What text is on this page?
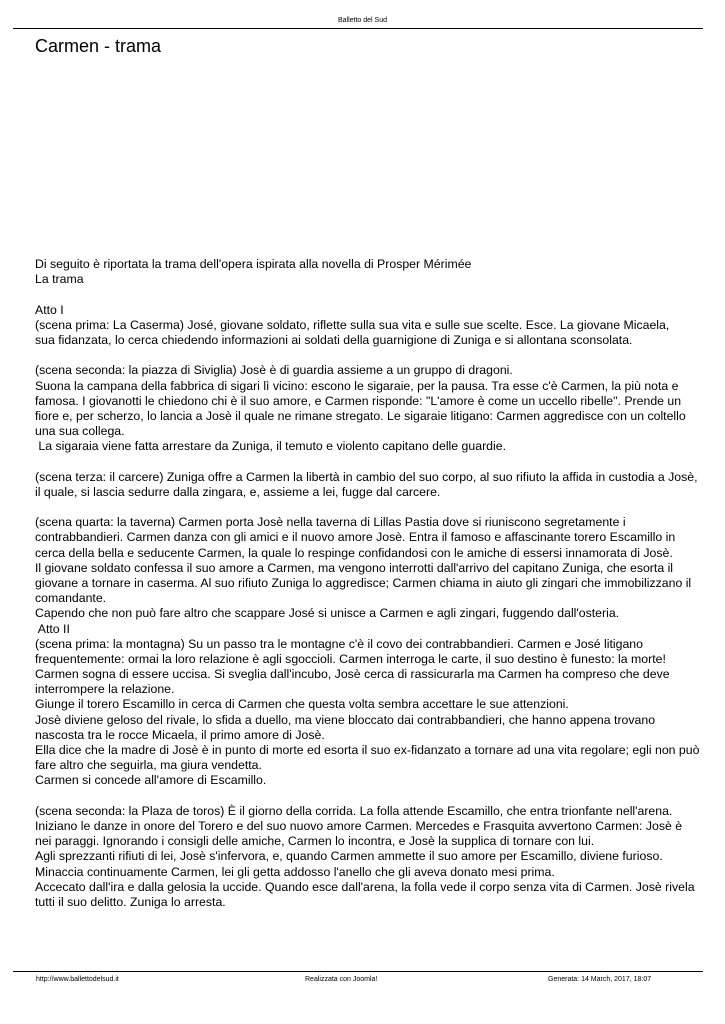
Balletto del Sud
Carmen - trama
Di seguito è riportata la trama dell'opera ispirata alla novella di Prosper Mérimée
La trama
Atto I
(scena prima: La Caserma) José, giovane soldato, riflette sulla sua vita e sulle sue scelte. Esce. La giovane Micaela,
sua fidanzata, lo cerca chiedendo informazioni ai soldati della guarnigione di Zuniga e si allontana sconsolata.
(scena seconda: la piazza di Siviglia) Josè è di guardia assieme a un gruppo di dragoni.
Suona la campana della fabbrica di sigari lì vicino: escono le sigaraie, per la pausa. Tra esse c'è Carmen, la più nota e
famosa. I giovanotti le chiedono chi è il suo amore, e Carmen risponde: "L'amore è come un uccello ribelle". Prende un
fiore e, per scherzo, lo lancia a Josè il quale ne rimane stregato. Le sigaraie litigano: Carmen aggredisce con un coltello
una sua collega.
La sigaraia viene fatta arrestare da Zuniga, il temuto e violento capitano delle guardie.
(scena terza: il carcere) Zuniga offre a Carmen la libertà in cambio del suo corpo, al suo rifiuto la affida in custodia a Josè,
il quale, si lascia sedurre dalla zingara, e, assieme a lei, fugge dal carcere.
(scena quarta: la taverna) Carmen porta Josè nella taverna di Lillas Pastia dove si riuniscono segretamente i
contrabbandieri. Carmen danza con gli amici e il nuovo amore Josè. Entra il famoso e affascinante torero Escamillo in
cerca della bella e seducente Carmen, la quale lo respinge confidandosi con le amiche di essersi innamorata di Josè.
Il giovane soldato confessa il suo amore a Carmen, ma vengono interrotti dall'arrivo del capitano Zuniga, che esorta il
giovane a tornare in caserma. Al suo rifiuto Zuniga lo aggredisce; Carmen chiama in aiuto gli zingari che immobilizzano il
comandante.
Capendo che non può fare altro che scappare José si unisce a Carmen e agli zingari, fuggendo dall'osteria.
Atto II
(scena prima: la montagna) Su un passo tra le montagne c'è il covo dei contrabbandieri. Carmen e José litigano
frequentemente: ormai la loro relazione è agli sgoccioli. Carmen interroga le carte, il suo destino è funesto: la morte!
Carmen sogna di essere uccisa. Si sveglia dall'incubo, Josè cerca di rassicurarla ma Carmen ha compreso che deve
interrompere la relazione.
Giunge il torero Escamillo in cerca di Carmen che questa volta sembra accettare le sue attenzioni.
Josè diviene geloso del rivale, lo sfida a duello, ma viene bloccato dai contrabbandieri, che hanno appena trovano
nascosta tra le rocce Micaela, il primo amore di Josè.
Ella dice che la madre di Josè è in punto di morte ed esorta il suo ex-fidanzato a tornare ad una vita regolare; egli non può
fare altro che seguirla, ma giura vendetta.
Carmen si concede all'amore di Escamillo.
(scena seconda: la Plaza de toros) È il giorno della corrida. La folla attende Escamillo, che entra trionfante nell'arena.
Iniziano le danze in onore del Torero e del suo nuovo amore Carmen. Mercedes e Frasquita avvertono Carmen: Josè è
nei paraggi. Ignorando i consigli delle amiche, Carmen lo incontra, e Josè la supplica di tornare con lui.
Agli sprezzanti rifiuti di lei, Josè s'infervora, e, quando Carmen ammette il suo amore per Escamillo, diviene furioso.
Minaccia continuamente Carmen, lei gli getta addosso l'anello che gli aveva donato mesi prima.
Accecato dall'ira e dalla gelosia la uccide. Quando esce dall'arena, la folla vede il corpo senza vita di Carmen. Josè rivela
tutti il suo delitto. Zuniga lo arresta.
http://www.ballettodelsud.it	Realizzata con Joomla!	Generata: 14 March, 2017, 18:07
